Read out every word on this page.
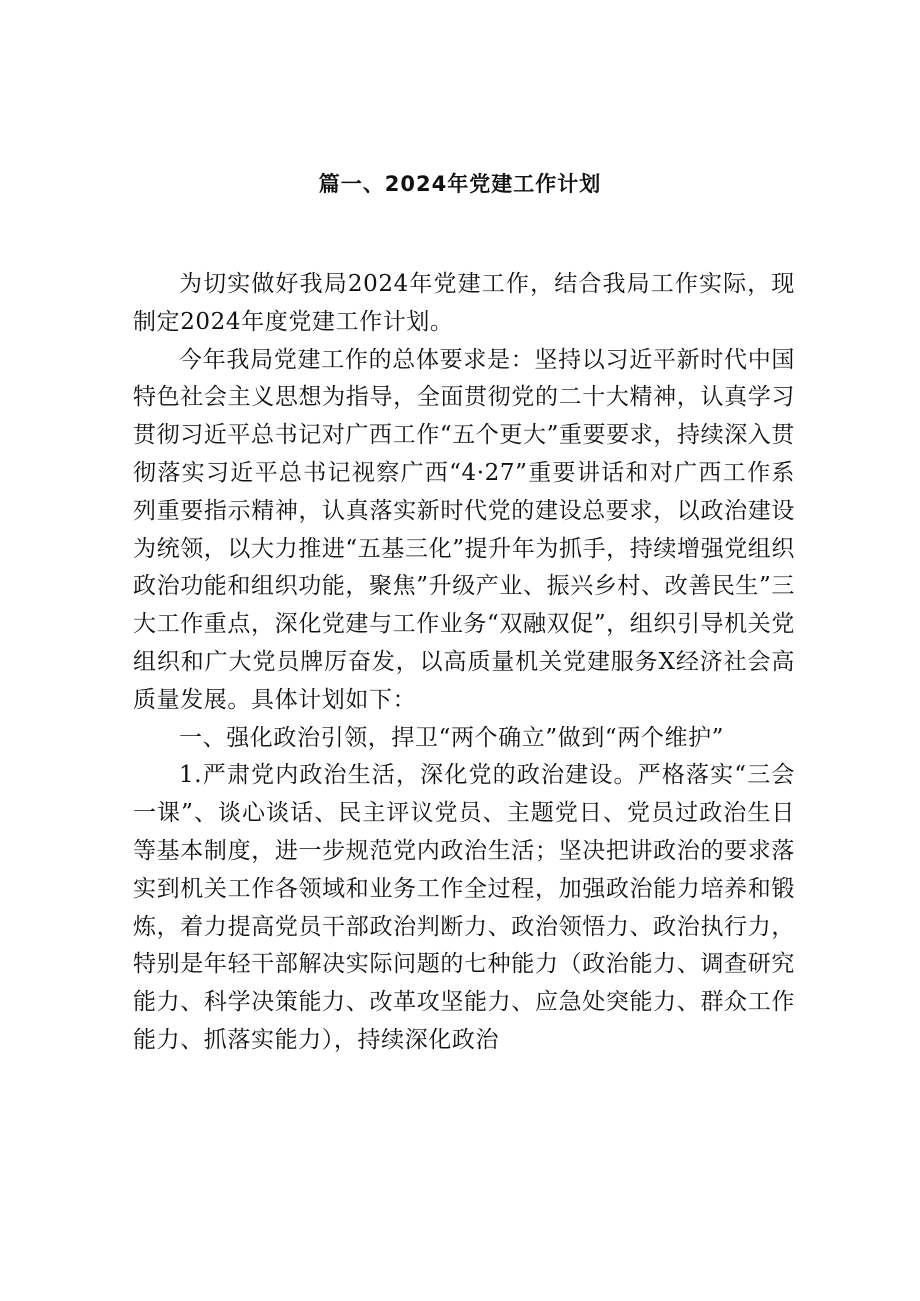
篇一、2024年党建工作计划

为切实做好我局2024年党建工作，结合我局工作实际，现制定2024年度党建工作计划。

今年我局党建工作的总体要求是：坚持以习近平新时代中国特色社会主义思想为指导，全面贯彻党的二十大精神，认真学习贯彻习近平总书记对广西工作“五个更大”重要要求，持续深入贯彻落实习近平总书记视察广西“4·27”重要讲话和对广西工作系列重要指示精神，认真落实新时代党的建设总要求，以政治建设为统领，以大力推进“五基三化”提升年为抓手，持续增强党组织政治功能和组织功能，聚焦”升级产业、振兴乡村、改善民生”三大工作重点，深化党建与工作业务“双融双促”，组织引导机关党组织和广大党员牌厉奋发，以高质量机关党建服务X经济社会高质量发展。具体计划如下：

一、强化政治引领，捍卫“两个确立”做到“两个维护”

1.严肃党内政治生活，深化党的政治建设。严格落实“三会一课”、谈心谈话、民主评议党员、主题党日、党员过政治生日等基本制度，进一步规范党内政治生活；坚决把讲政治的要求落实到机关工作各领域和业务工作全过程，加强政治能力培养和锻炼，着力提高党员干部政治判断力、政治领悟力、政治执行力，特别是年轻干部解决实际问题的七种能力（政治能力、调查研究能力、科学决策能力、改革攻坚能力、应急处突能力、群众工作能力、抓落实能力），持续深化政治
